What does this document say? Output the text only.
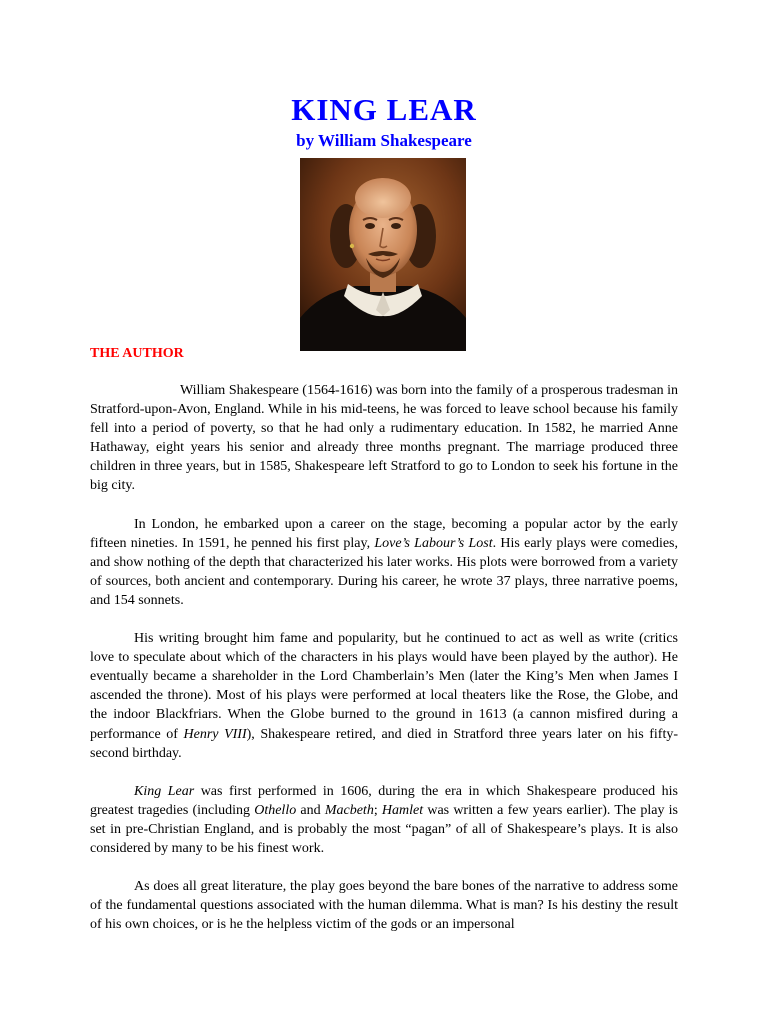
KING LEAR
by William Shakespeare
THE AUTHOR

William Shakespeare (1564-1616) was born into the family of a prosperous tradesman in Stratford-upon-Avon, England. While in his mid-teens, he was forced to leave school because his family fell into a period of poverty, so that he had only a rudimentary education. In 1582, he married Anne Hathaway, eight years his senior and already three months pregnant. The marriage produced three children in three years, but in 1585, Shakespeare left Stratford to go to London to seek his fortune in the big city.

In London, he embarked upon a career on the stage, becoming a popular actor by the early fifteen nineties. In 1591, he penned his first play, Love’s Labour’s Lost. His early plays were comedies, and show nothing of the depth that characterized his later works. His plots were borrowed from a variety of sources, both ancient and contemporary. During his career, he wrote 37 plays, three narrative poems, and 154 sonnets.

His writing brought him fame and popularity, but he continued to act as well as write (critics love to speculate about which of the characters in his plays would have been played by the author). He eventually became a shareholder in the Lord Chamberlain’s Men (later the King’s Men when James I ascended the throne). Most of his plays were performed at local theaters like the Rose, the Globe, and the indoor Blackfriars. When the Globe burned to the ground in 1613 (a cannon misfired during a performance of Henry VIII), Shakespeare retired, and died in Stratford three years later on his fifty-second birthday.

King Lear was first performed in 1606, during the era in which Shakespeare produced his greatest tragedies (including Othello and Macbeth; Hamlet was written a few years earlier). The play is set in pre-Christian England, and is probably the most “pagan” of all of Shakespeare’s plays. It is also considered by many to be his finest work.

As does all great literature, the play goes beyond the bare bones of the narrative to address some of the fundamental questions associated with the human dilemma. What is man? Is his destiny the result of his own choices, or is he the helpless victim of the gods or an impersonal
